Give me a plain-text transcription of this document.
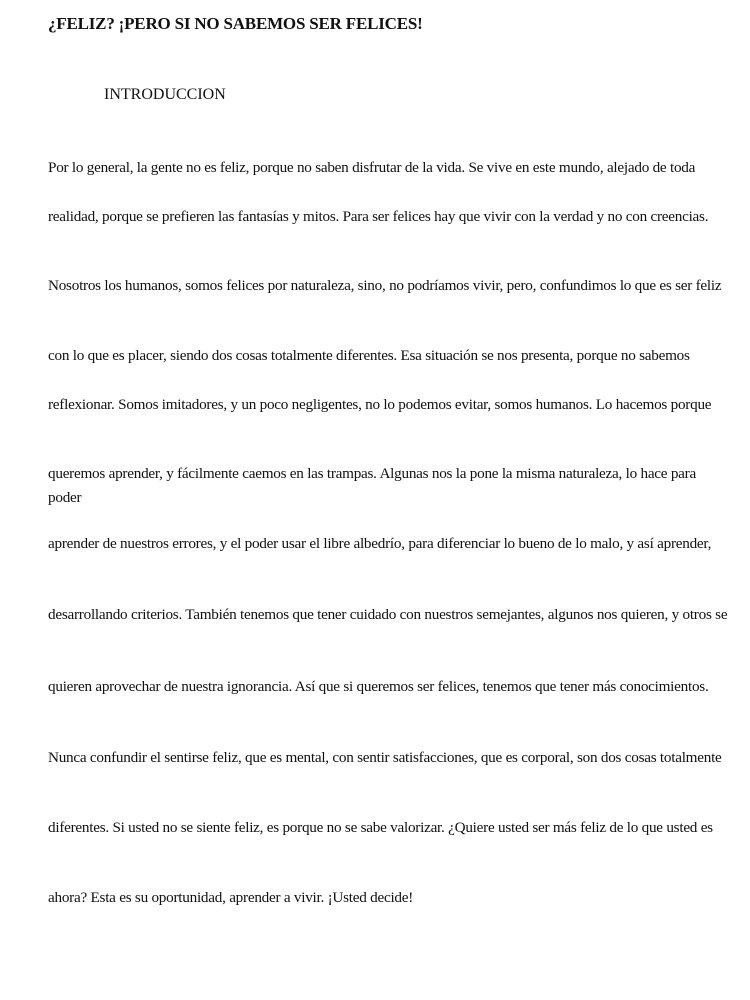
¿FELIZ? ¡PERO SI NO SABEMOS SER FELICES!
INTRODUCCION

Por lo general, la gente no es feliz, porque no saben disfrutar de la vida. Se vive en este mundo, alejado de toda

realidad, porque se prefieren las fantasías y mitos. Para ser felices hay que vivir con la verdad y no con creencias.

Nosotros los humanos, somos felices por naturaleza, sino, no podríamos vivir, pero, confundimos lo que es ser feliz

con lo que es placer, siendo dos cosas totalmente diferentes. Esa situación se nos presenta, porque no sabemos

reflexionar. Somos imitadores, y un poco negligentes, no lo podemos evitar, somos humanos. Lo hacemos porque

queremos aprender, y fácilmente caemos en las trampas. Algunas nos la pone la misma naturaleza, lo hace para poder

aprender de nuestros errores, y el poder usar el libre albedrío, para diferenciar lo bueno de lo malo, y así aprender,

desarrollando criterios. También tenemos que tener cuidado con nuestros semejantes, algunos nos quieren, y otros se

quieren aprovechar de nuestra ignorancia. Así que si queremos ser felices, tenemos que tener más conocimientos.

Nunca confundir el sentirse feliz, que es mental, con sentir satisfacciones, que es corporal, son dos cosas totalmente

diferentes. Si usted no se siente feliz, es porque no se sabe valorizar. ¿Quiere usted ser más feliz de lo que usted es

ahora? Esta es su oportunidad, aprender a vivir. ¡Usted decide!
